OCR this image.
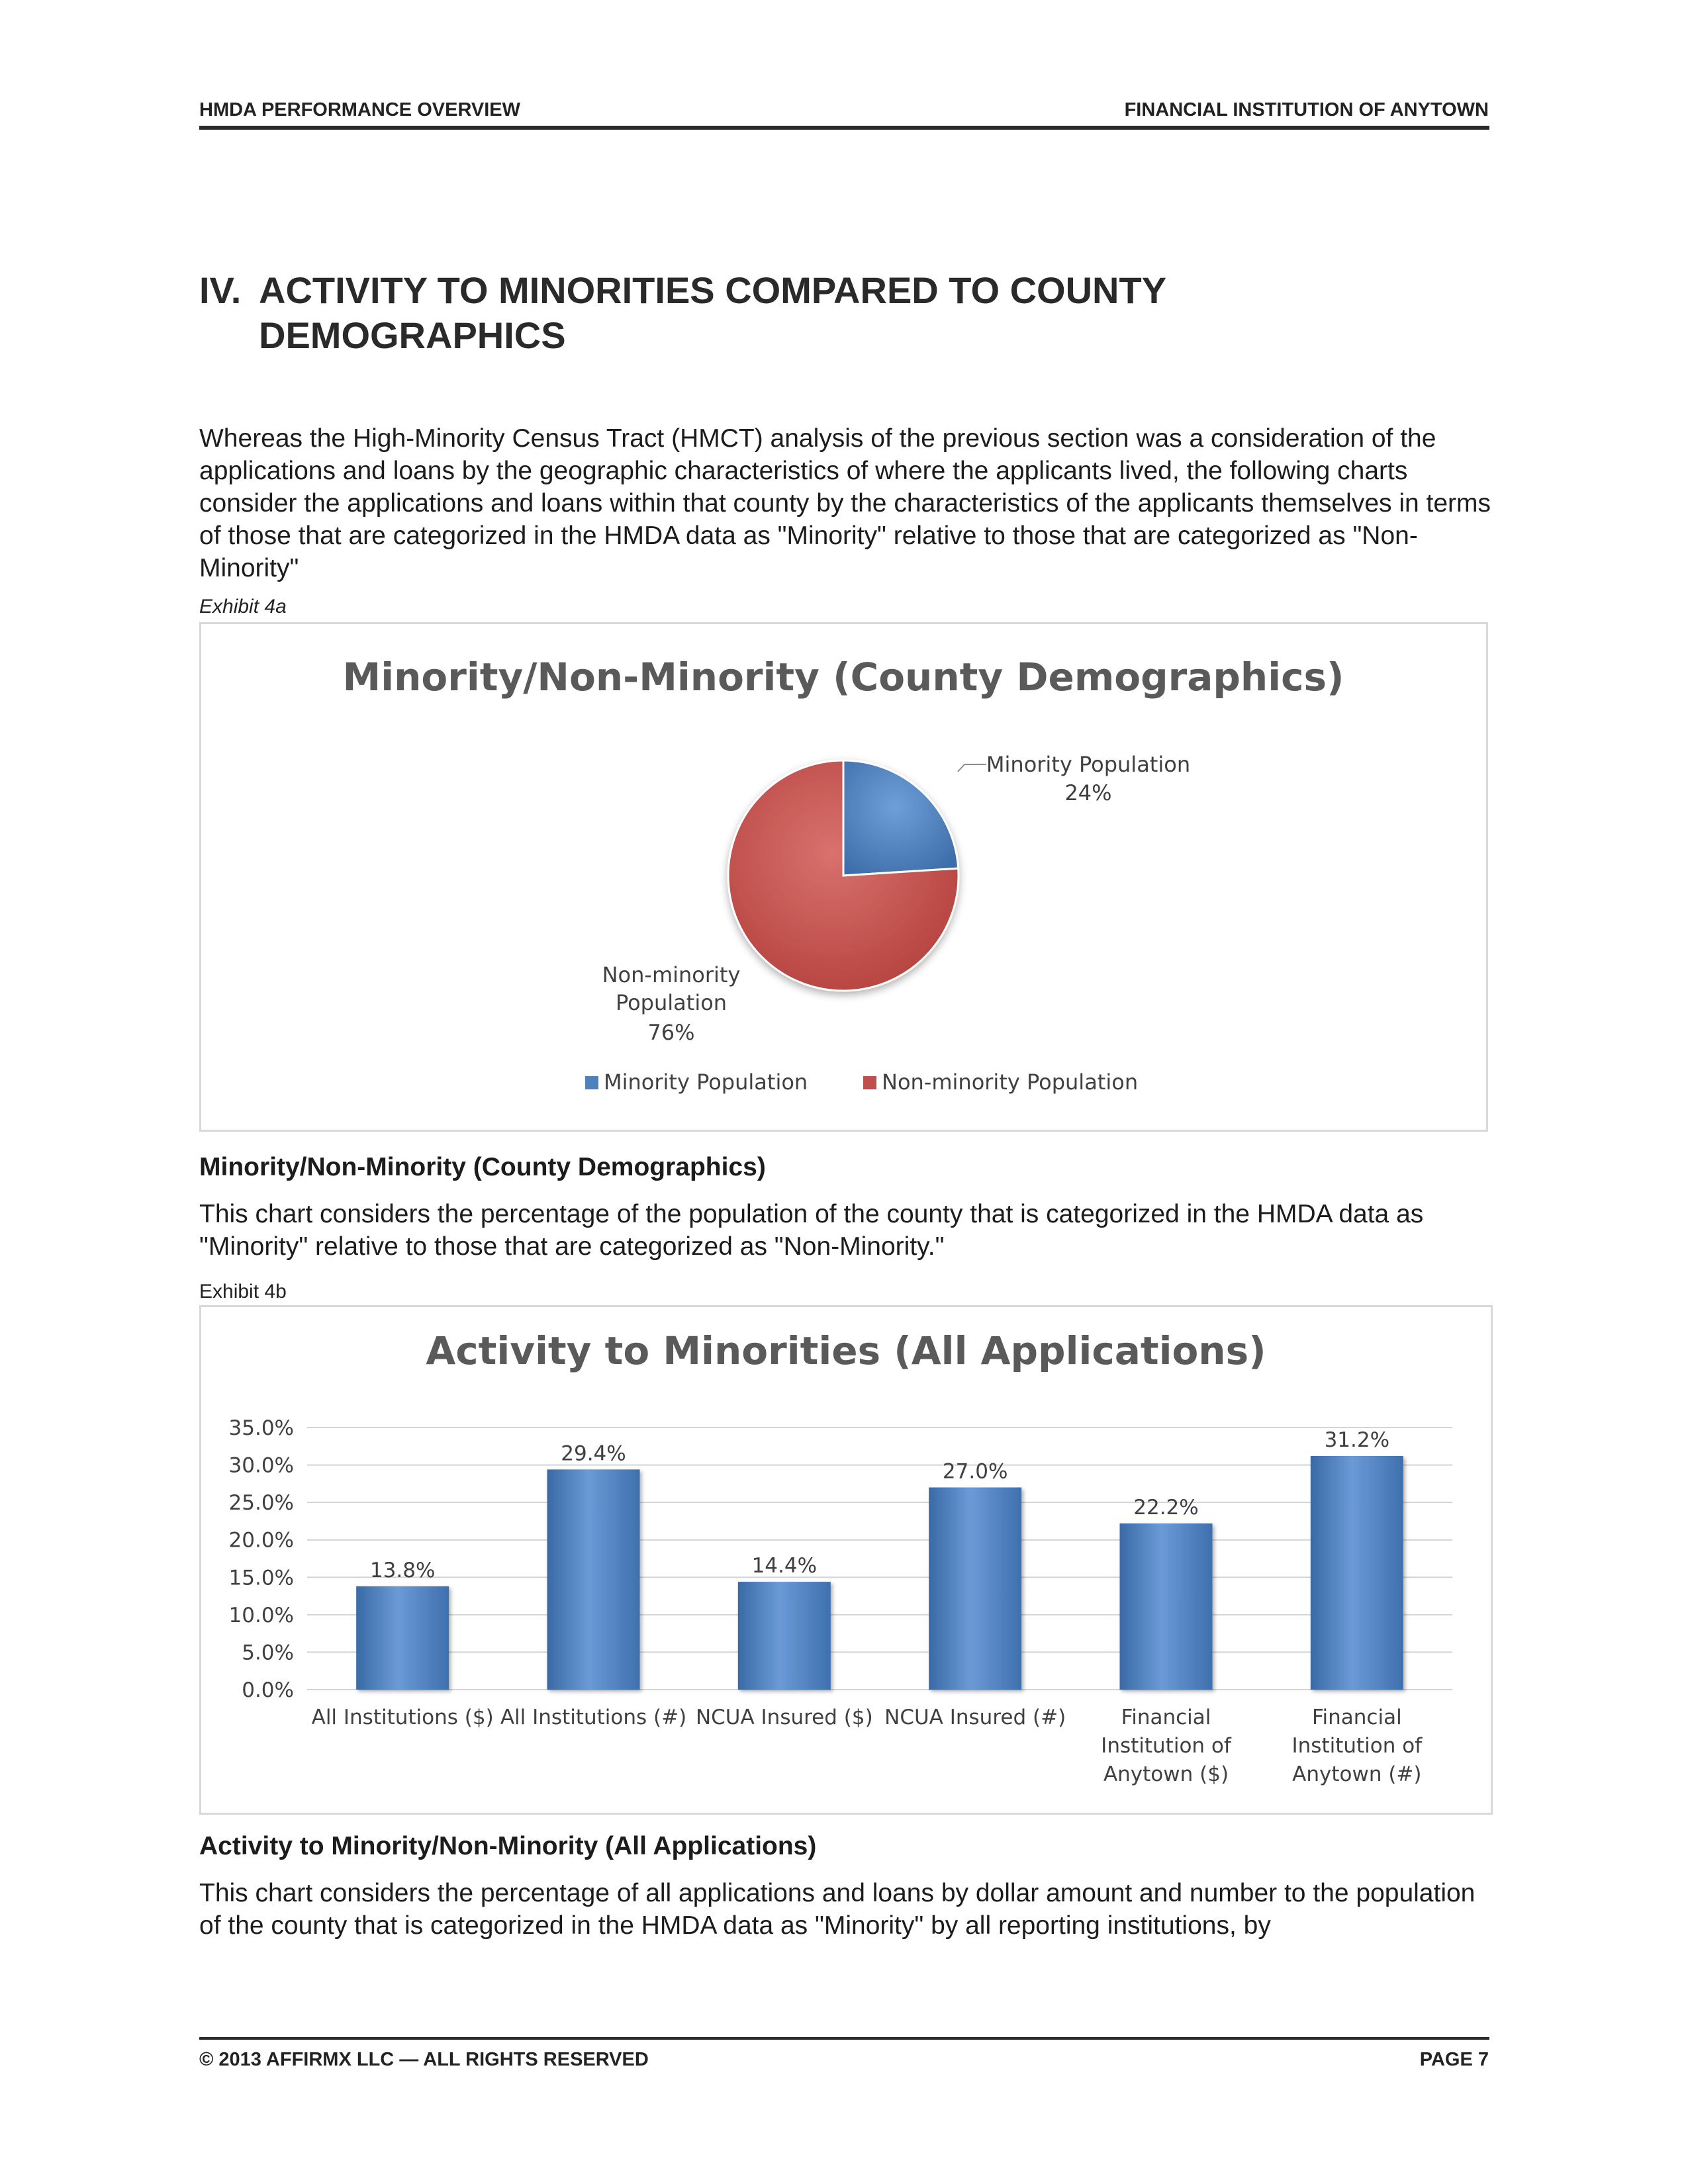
HMDA PERFORMANCE OVERVIEW	FINANCIAL INSTITUTION OF ANYTOWN
IV. ACTIVITY TO MINORITIES COMPARED TO COUNTY
DEMOGRAPHICS
Whereas the High-Minority Census Tract (HMCT) analysis of the previous section was a consideration of the applications and loans by the geographic characteristics of where the applicants lived, the following charts consider the applications and loans within that county by the characteristics of the applicants themselves in terms of those that are categorized in the HMDA data as "Minority" relative to those that are categorized as "Non-Minority"
Exhibit 4a
Minority/Non-Minority (County Demographics)
Minority Population
24%
Non-minority
Population
76%
Minority Population	Non-minority Population
Minority/Non-Minority (County Demographics)
This chart considers the percentage of the population of the county that is categorized in the HMDA data as "Minority" relative to those that are categorized as "Non-Minority."
Exhibit 4b
Activity to Minorities (All Applications)
0.0%
5.0%
10.0%
15.0%
20.0%
25.0%
30.0%
35.0%
13.8%
29.4%
14.4%
27.0%
22.2%
31.2%
All Institutions ($) All Institutions (#) NCUA Insured ($) NCUA Insured (#)	Financial Institution of Anytown ($)
Financial Institution of Anytown (#)
Activity to Minority/Non-Minority (All Applications)
This chart considers the percentage of all applications and loans by dollar amount and number to the population of the county that is categorized in the HMDA data as "Minority" by all reporting institutions, by
© 2013 AFFIRMX LLC — ALL RIGHTS RESERVED	PAGE 7
